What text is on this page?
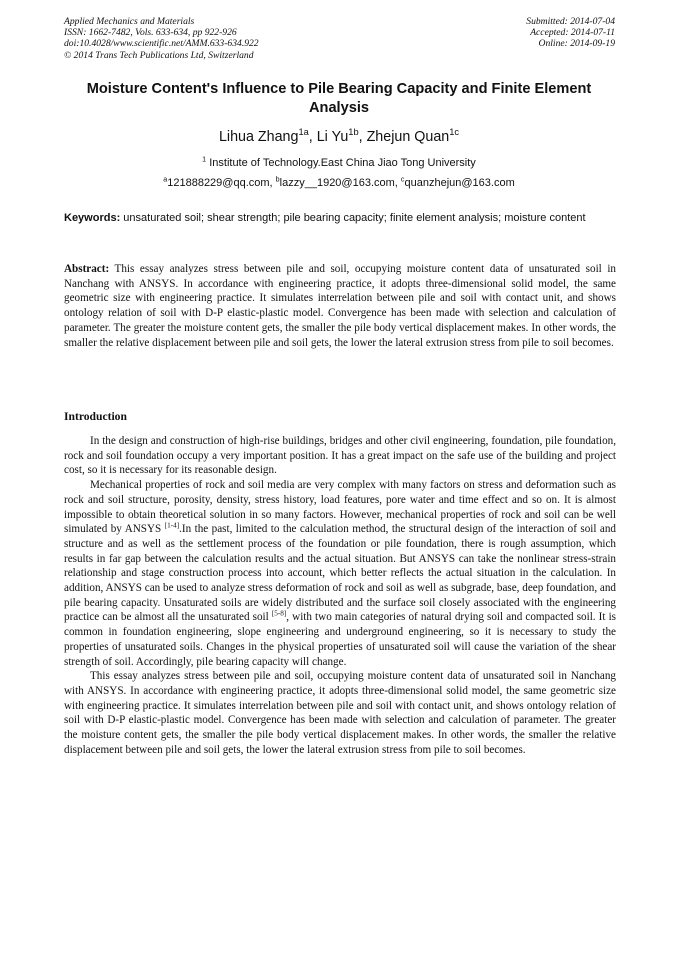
Applied Mechanics and Materials
ISSN: 1662-7482, Vols. 633-634, pp 922-926
doi:10.4028/www.scientific.net/AMM.633-634.922
© 2014 Trans Tech Publications Ltd, Switzerland
Submitted: 2014-07-04
Accepted: 2014-07-11
Online: 2014-09-19
Moisture Content's Influence to Pile Bearing Capacity and Finite Element Analysis
Lihua Zhang$^{1a}$, Li $Yu^{1b}$, Zhejun Quan$^{1c}$
$^1$ Institute of Technology.East China Jiao Tong University
$^a$121888229@qq.com, $^b$lazzy__1920@163.com, $^c$quanzhejun@163.com
Keywords: unsaturated soil; shear strength; pile bearing capacity; finite element analysis; moisture content
Abstract: This essay analyzes stress between pile and soil, occupying moisture content data of unsaturated soil in Nanchang with ANSYS. In accordance with engineering practice, it adopts three-dimensional solid model, the same geometric size with engineering practice. It simulates interrelation between pile and soil with contact unit, and shows ontology relation of soil with D-P elastic-plastic model. Convergence has been made with selection and calculation of parameter. The greater the moisture content gets, the smaller the pile body vertical displacement makes. In other words, the smaller the relative displacement between pile and soil gets, the lower the lateral extrusion stress from pile to soil becomes.
Introduction

In the design and construction of high-rise buildings, bridges and other civil engineering, foundation, pile foundation, rock and soil foundation occupy a very important position. It has a great impact on the safe use of the building and project cost, so it is necessary for its reasonable design.

Mechanical properties of rock and soil media are very complex with many factors on stress and deformation such as rock and soil structure, porosity, density, stress history, load features, pore water and time effect and so on. It is almost impossible to obtain theoretical solution in so many factors. However, mechanical properties of rock and soil can be well simulated by ANSYS [1-4].In the past, limited to the calculation method, the structural design of the interaction of soil and structure and as well as the settlement process of the foundation or pile foundation, there is rough assumption, which results in far gap between the calculation results and the actual situation. But ANSYS can take the nonlinear stress-strain relationship and stage construction process into account, which better reflects the actual situation in the calculation. In addition, ANSYS can be used to analyze stress deformation of rock and soil as well as subgrade, base, deep foundation, and pile bearing capacity. Unsaturated soils are widely distributed and the surface soil closely associated with the engineering practice can be almost all the unsaturated soil [5-8], with two main categories of natural drying soil and compacted soil. It is common in foundation engineering, slope engineering and underground engineering, so it is necessary to study the properties of unsaturated soils. Changes in the physical properties of unsaturated soil will cause the variation of the shear strength of soil. Accordingly, pile bearing capacity will change.

This essay analyzes stress between pile and soil, occupying moisture content data of unsaturated soil in Nanchang with ANSYS. In accordance with engineering practice, it adopts three-dimensional solid model, the same geometric size with engineering practice. It simulates interrelation between pile and soil with contact unit, and shows ontology relation of soil with D-P elastic-plastic model. Convergence has been made with selection and calculation of parameter. The greater the moisture content gets, the smaller the pile body vertical displacement makes. In other words, the smaller the relative displacement between pile and soil gets, the lower the lateral extrusion stress from pile to soil becomes.
